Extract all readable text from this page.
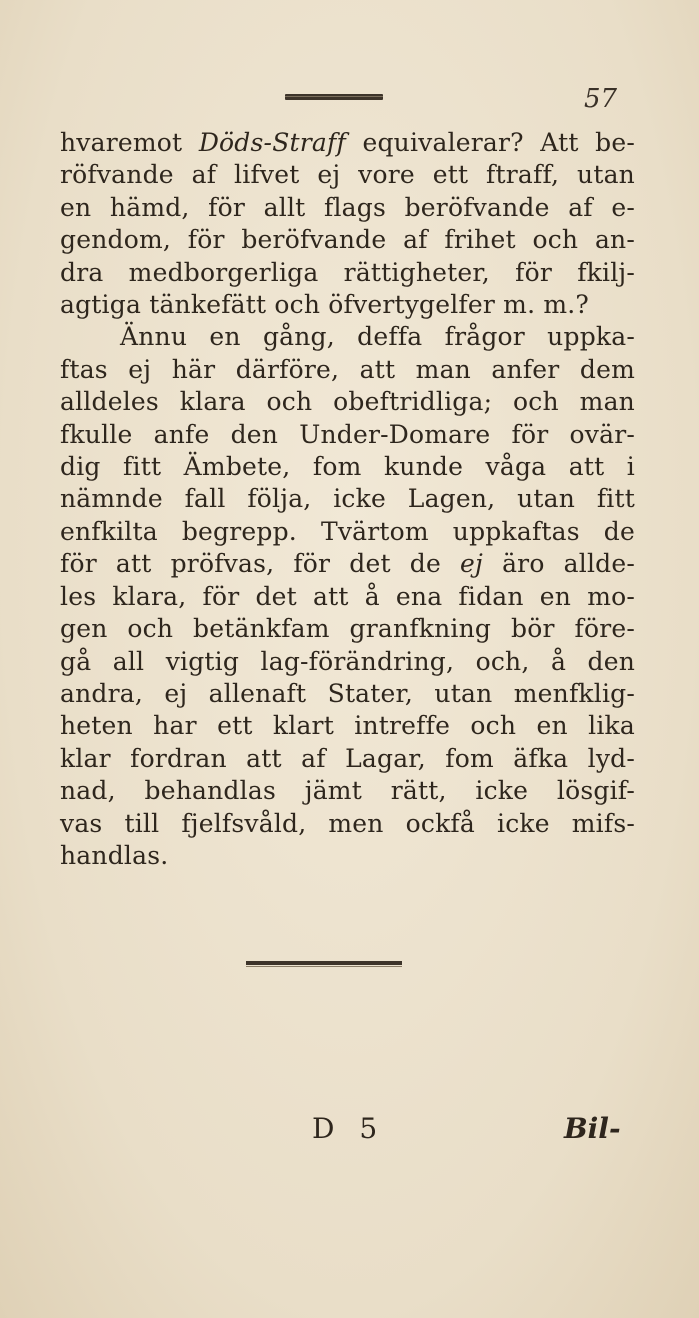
57
hvaremot Döds-Straff equivalerar? Att be-
röfvande af lifvet ej vore ett ftraff, utan
en hämd, för allt flags beröfvande af e-
gendom, för beröfvande af frihet och an-
dra medborgerliga rättigheter, för fkilj-
agtiga tänkefätt och öfvertygelfer m. m.?
Ännu en gång, deffa frågor uppka-
ftas ej här därföre, att man anfer dem
alldeles klara och obeftridliga; och man
fkulle anfe den Under-Domare för ovär-
dig fitt Ämbete, fom kunde våga att i
nämnde fall följa, icke Lagen, utan fitt
enfkilta begrepp. Tvärtom uppkaftas de
för att pröfvas, för det de ej äro allde-
les klara, för det att å ena fidan en mo-
gen och betänkfam granfkning bör före-
gå all vigtig lag-förändring, och, å den
andra, ej allenaft Stater, utan menfklig-
heten har ett klart intreffe och en lika
klar fordran att af Lagar, fom äfka lyd-
nad, behandlas jämt rätt, icke lösgif-
vas till fjelfsvåld, men ockfå icke mifs-
handlas.
D 5	Bil-
